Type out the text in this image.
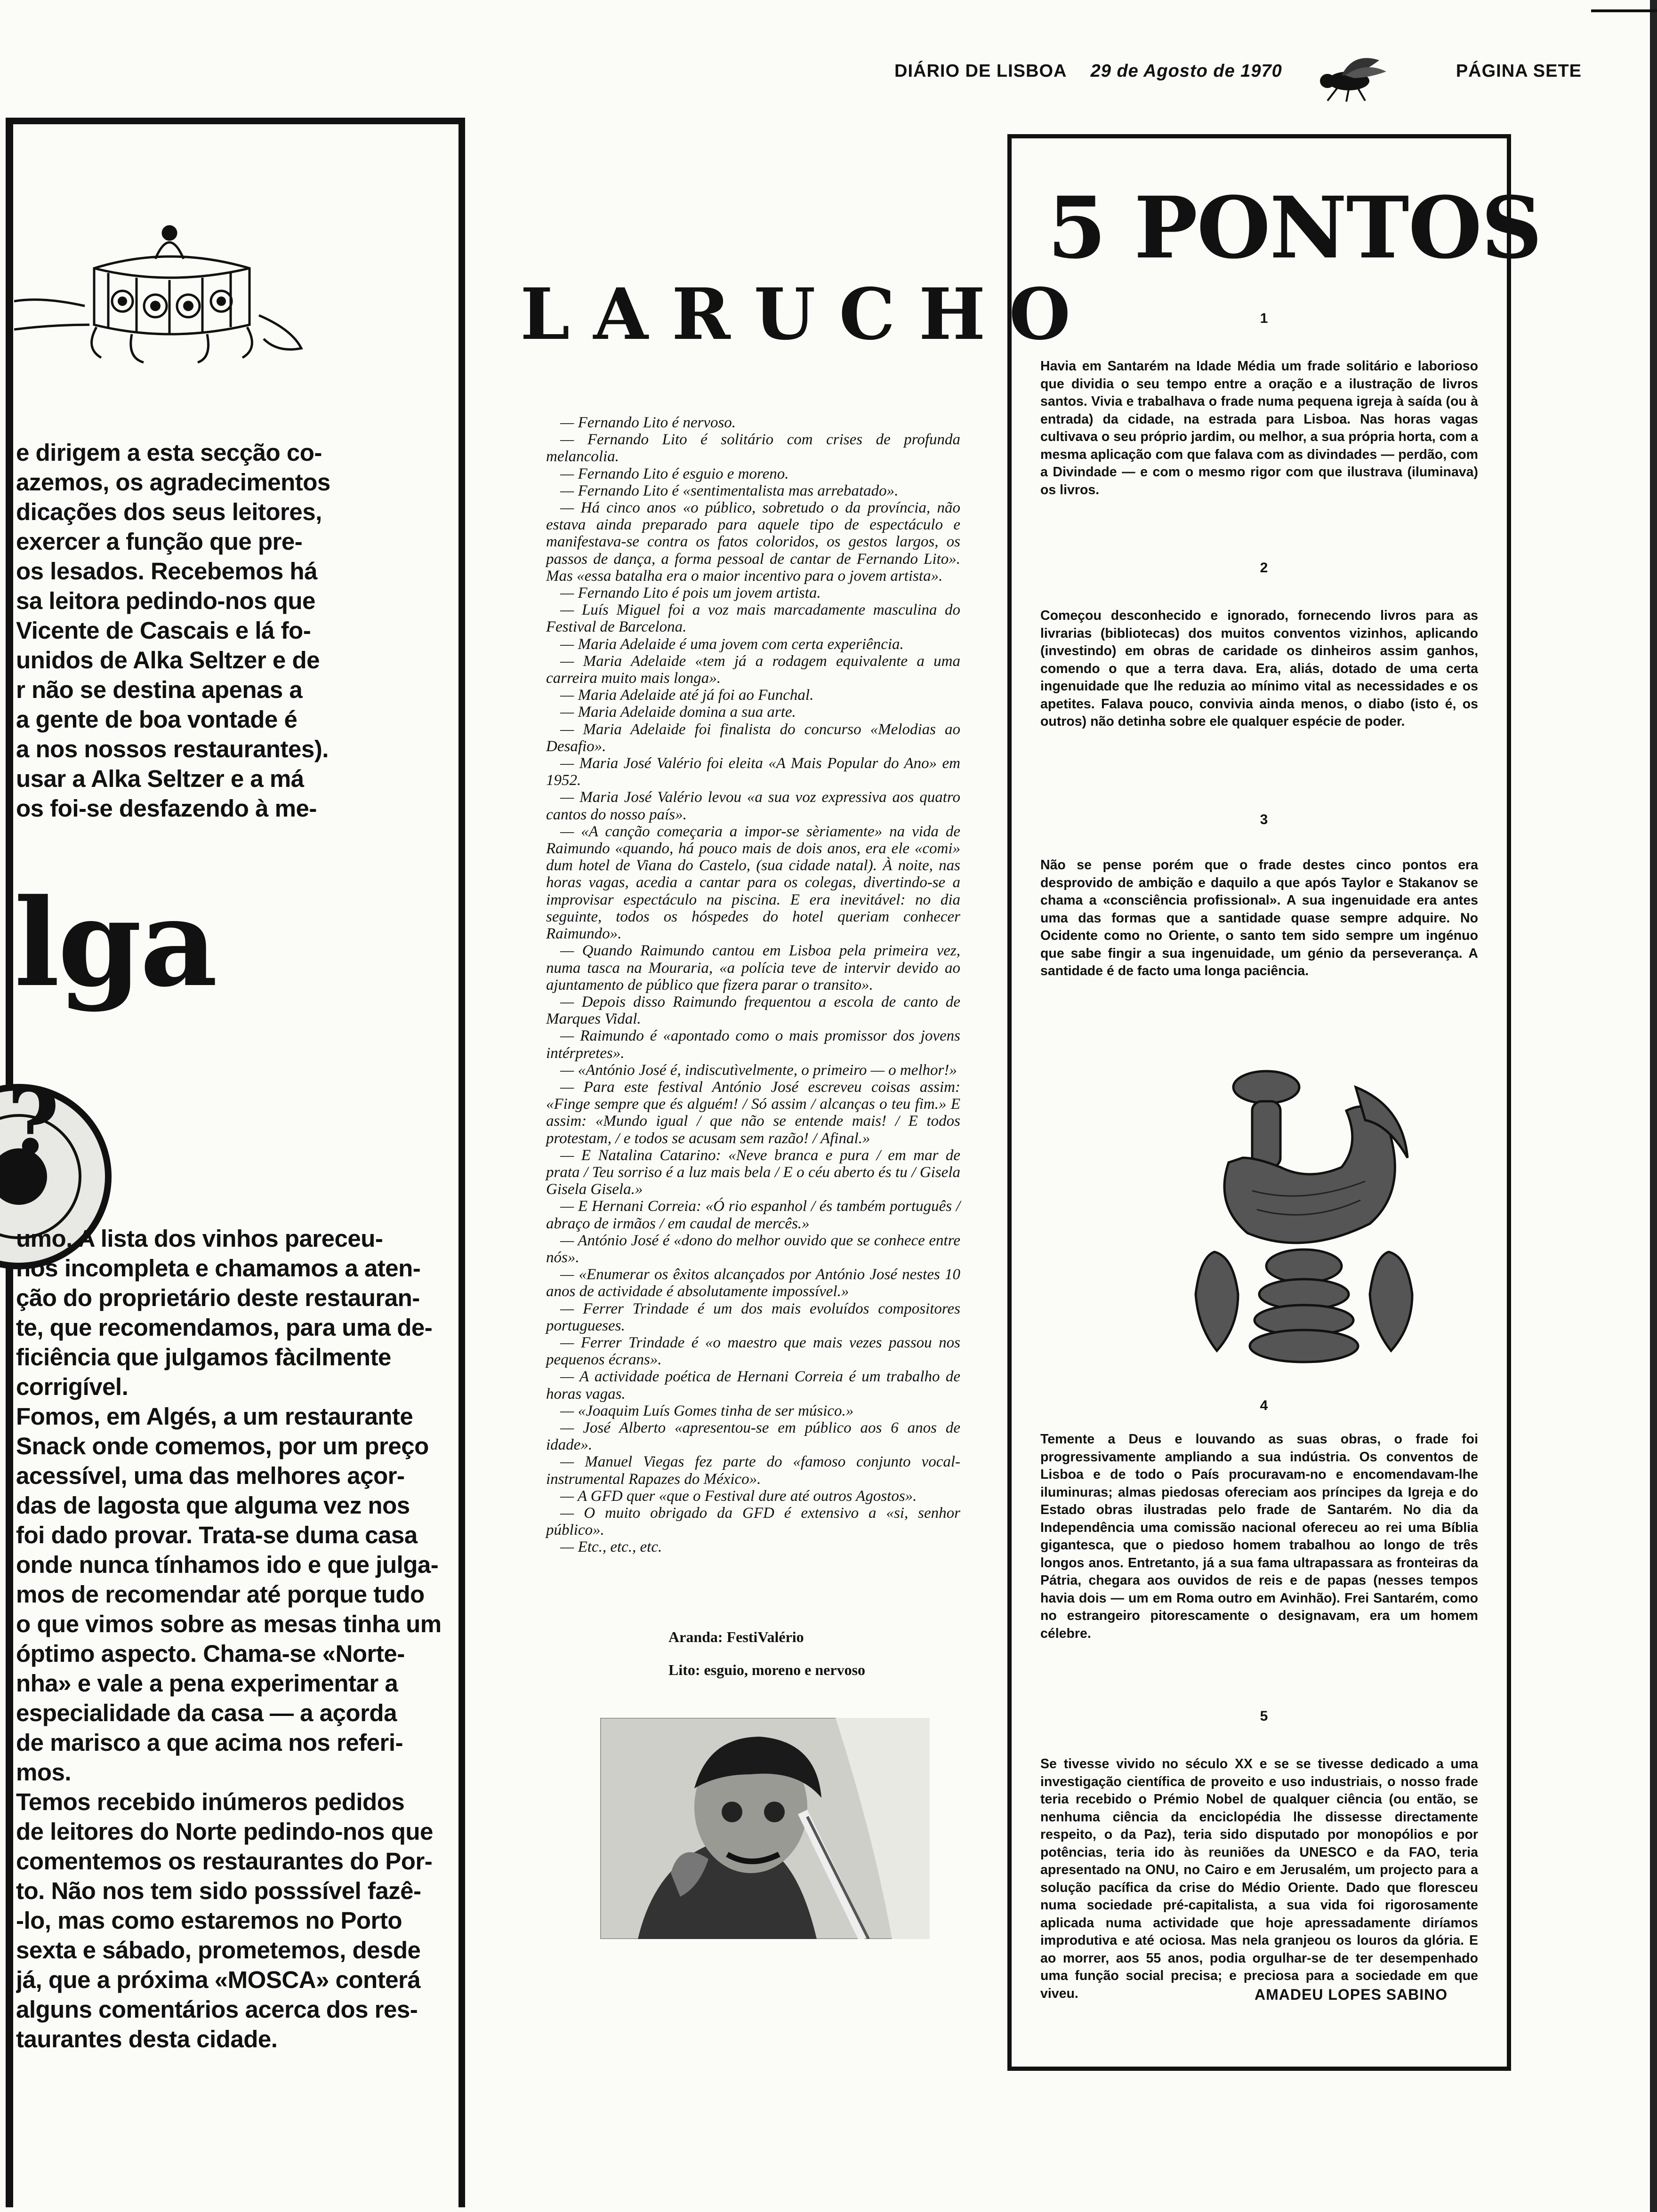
DIÁRIO DE LISBOA 29 de Agosto de 1970	PÁGINA SETE

e dirigem a esta secção co-

azemos, os agradecimentos

dicações dos seus leitores,

exercer a função que pre-

os lesados. Recebemos há

sa leitora pedindo-nos que

Vicente de Cascais e lá fo-

unidos de Alka Seltzer e de

r não se destina apenas a

a gente de boa vontade é

a nos nossos restaurantes).

usar a Alka Seltzer e a má

os foi-se desfazendo à me-

lga
?

umo. A lista dos vinhos pareceu-

nos incompleta e chamamos a aten-

ção do proprietário deste restauran-

te, que recomendamos, para uma de-

ficiência que julgamos fàcilmente

corrigível.

Fomos, em Algés, a um restaurante

Snack onde comemos, por um preço

acessível, uma das melhores açor-

das de lagosta que alguma vez nos

foi dado provar. Trata-se duma casa

onde nunca tínhamos ido e que julga-

mos de recomendar até porque tudo

o que vimos sobre as mesas tinha um

óptimo aspecto. Chama-se «Norte-

nha» e vale a pena experimentar a

especialidade da casa — a açorda

de marisco a que acima nos referi-

mos.

Temos recebido inúmeros pedidos

de leitores do Norte pedindo-nos que

comentemos os restaurantes do Por-

to. Não nos tem sido posssível fazê-

-lo, mas como estaremos no Porto

sexta e sábado, prometemos, desde

já, que a próxima «MOSCA» conterá

alguns comentários acerca dos res-

taurantes desta cidade.

LARUCHO

— Fernando Lito é nervoso.

— Fernando Lito é solitário com crises de profunda melancolia.

— Fernando Lito é esguio e moreno.

— Fernando Lito é «sentimentalista mas arrebatado».

— Há cinco anos «o público, sobretudo o da província, não estava ainda preparado para aquele tipo de espectáculo e manifestava-se contra os fatos coloridos, os gestos largos, os passos de dança, a forma pessoal de cantar de Fernando Lito». Mas «essa batalha era o maior incentivo para o jovem artista».

— Fernando Lito é pois um jovem artista.

— Luís Miguel foi a voz mais marcadamente masculina do Festival de Barcelona.

— Maria Adelaide é uma jovem com certa experiência.

— Maria Adelaide «tem já a rodagem equivalente a uma carreira muito mais longa».

— Maria Adelaide até já foi ao Funchal.

— Maria Adelaide domina a sua arte.

— Maria Adelaide foi finalista do concurso «Melodias ao Desafio».

— Maria José Valério foi eleita «A Mais Popular do Ano» em 1952.

— Maria José Valério levou «a sua voz expressiva aos quatro cantos do nosso país».

— «A canção começaria a impor-se sèriamente» na vida de Raimundo «quando, há pouco mais de dois anos, era ele «comi» dum hotel de Viana do Castelo, (sua cidade natal). À noite, nas horas vagas, acedia a cantar para os colegas, divertindo-se a improvisar espectáculo na piscina. E era inevitável: no dia seguinte, todos os hóspedes do hotel queriam conhecer Raimundo».

— Quando Raimundo cantou em Lisboa pela primeira vez, numa tasca na Mouraria, «a polícia teve de intervir devido ao ajuntamento de público que fizera parar o transito».

— Depois disso Raimundo frequentou a escola de canto de Marques Vidal.

— Raimundo é «apontado como o mais promissor dos jovens intérpretes».

— «António José é, indiscutìvelmente, o primeiro — o melhor!»

— Para este festival António José escreveu coisas assim: «Finge sempre que és alguém! / Só assim / alcanças o teu fim.» E assim: «Mundo igual / que não se entende mais! / E todos protestam, / e todos se acusam sem razão! / Afinal.»

— E Natalina Catarino: «Neve branca e pura / em mar de prata / Teu sorriso é a luz mais bela / E o céu aberto és tu / Gisela Gisela Gisela.»

— E Hernani Correia: «Ó rio espanhol / és também português / abraço de irmãos / em caudal de mercês.»

— António José é «dono do melhor ouvido que se conhece entre nós».

— «Enumerar os êxitos alcançados por António José nestes 10 anos de actividade é absolutamente impossível.»

— Ferrer Trindade é um dos mais evoluídos compositores portugueses.

— Ferrer Trindade é «o maestro que mais vezes passou nos pequenos écrans».

— A actividade poética de Hernani Correia é um trabalho de horas vagas.

— «Joaquim Luís Gomes tinha de ser músico.»

— José Alberto «apresentou-se em público aos 6 anos de idade».

— Manuel Viegas fez parte do «famoso conjunto vocal-instrumental Rapazes do México».

— A GFD quer «que o Festival dure até outros Agostos».

— O muito obrigado da GFD é extensivo a «si, senhor público».

— Etc., etc., etc.

Aranda: FestiValério
Lito: esguio, moreno e nervoso
5 PONTOS
1

Havia em Santarém na Idade Média um frade solitário e laborioso que dividia o seu tempo entre a oração e a ilustração de livros santos. Vivia e trabalhava o frade numa pequena igreja à saída (ou à entrada) da cidade, na estrada para Lisboa. Nas horas vagas cultivava o seu próprio jardim, ou melhor, a sua própria horta, com a mesma aplicação com que falava com as divindades — perdão, com a Divindade — e com o mesmo rigor com que ilustrava (iluminava) os livros.

2

Começou desconhecido e ignorado, fornecendo livros para as livrarias (bibliotecas) dos muitos conventos vizinhos, aplicando (investindo) em obras de caridade os dinheiros assim ganhos, comendo o que a terra dava. Era, aliás, dotado de uma certa ingenuidade que lhe reduzia ao mínimo vital as necessidades e os apetites. Falava pouco, convivia ainda menos, o diabo (isto é, os outros) não detinha sobre ele qualquer espécie de poder.

3

Não se pense porém que o frade destes cinco pontos era desprovido de ambição e daquilo a que após Taylor e Stakanov se chama a «consciência profissional». A sua ingenuidade era antes uma das formas que a santidade quase sempre adquire. No Ocidente como no Oriente, o santo tem sido sempre um ingénuo que sabe fingir a sua ingenuidade, um génio da perseverança. A santidade é de facto uma longa paciência.

4

Temente a Deus e louvando as suas obras, o frade foi progressivamente ampliando a sua indústria. Os conventos de Lisboa e de todo o País procuravam-no e encomendavam-lhe iluminuras; almas piedosas ofereciam aos príncipes da Igreja e do Estado obras ilustradas pelo frade de Santarém. No dia da Independência uma comissão nacional ofereceu ao rei uma Bíblia gigantesca, que o piedoso homem trabalhou ao longo de três longos anos. Entretanto, já a sua fama ultrapassara as fronteiras da Pátria, chegara aos ouvidos de reis e de papas (nesses tempos havia dois — um em Roma outro em Avinhão). Frei Santarém, como no estrangeiro pitorescamente o designavam, era um homem célebre.

5

Se tivesse vivido no século XX e se se tivesse dedicado a uma investigação científica de proveito e uso industriais, o nosso frade teria recebido o Prémio Nobel de qualquer ciência (ou então, se nenhuma ciência da enciclopédia lhe dissesse directamente respeito, o da Paz), teria sido disputado por monopólios e por potências, teria ido às reuniões da UNESCO e da FAO, teria apresentado na ONU, no Cairo e em Jerusalém, um projecto para a solução pacífica da crise do Médio Oriente. Dado que floresceu numa sociedade pré-capitalista, a sua vida foi rigorosamente aplicada numa actividade que hoje apressadamente diríamos improdutiva e até ociosa. Mas nela granjeou os louros da glória. E ao morrer, aos 55 anos, podia orgulhar-se de ter desempenhado uma função social precisa; e preciosa para a sociedade em que viveu.	AMADEU LOPES SABINO
